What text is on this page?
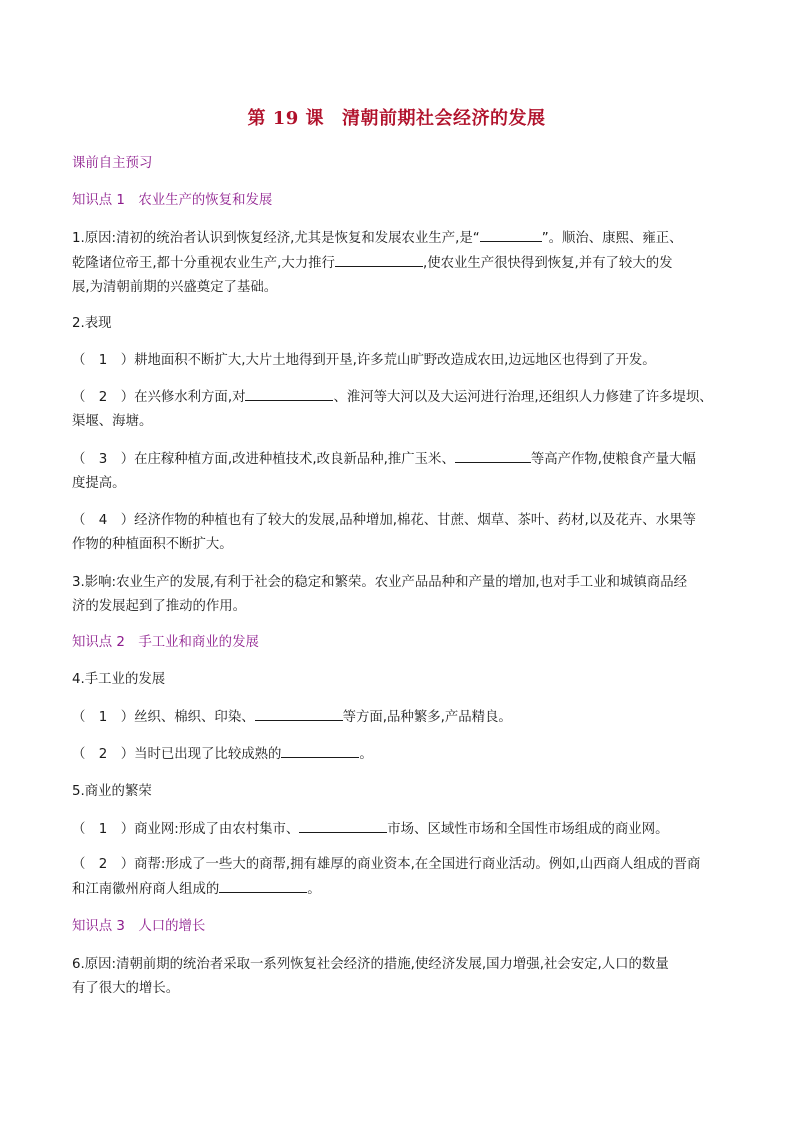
第 19 课 清朝前期社会经济的发展
课前自主预习
知识点 1　农业生产的恢复和发展
1.原因:清初的统治者认识到恢复经济,尤其是恢复和发展农业生产,是“	”。顺治、康熙、雍正、
乾隆诸位帝王,都十分重视农业生产,大力推行	,使农业生产很快得到恢复,并有了较大的发
展,为清朝前期的兴盛奠定了基础。
2.表现
（　1　）耕地面积不断扩大,大片土地得到开垦,许多荒山旷野改造成农田,边远地区也得到了开发。
（　2　）在兴修水利方面,对	、淮河等大河以及大运河进行治理,还组织人力修建了许多堤坝、
渠堰、海塘。
（　3　）在庄稼种植方面,改进种植技术,改良新品种,推广玉米、	等高产作物,使粮食产量大幅
度提高。
（　4　）经济作物的种植也有了较大的发展,品种增加,棉花、甘蔗、烟草、茶叶、药材,以及花卉、水果等
作物的种植面积不断扩大。
3.影响:农业生产的发展,有利于社会的稳定和繁荣。农业产品品种和产量的增加,也对手工业和城镇商品经
济的发展起到了推动的作用。
知识点 2　手工业和商业的发展
4.手工业的发展
（　1　）丝织、棉织、印染、	等方面,品种繁多,产品精良。
（　2　）当时已出现了比较成熟的	。
5.商业的繁荣
（　1　）商业网:形成了由农村集市、	市场、区域性市场和全国性市场组成的商业网。
（　2　）商帮:形成了一些大的商帮,拥有雄厚的商业资本,在全国进行商业活动。例如,山西商人组成的晋商
和江南徽州府商人组成的	。
知识点 3　人口的增长
6.原因:清朝前期的统治者采取一系列恢复社会经济的措施,使经济发展,国力增强,社会安定,人口的数量
有了很大的增长。
